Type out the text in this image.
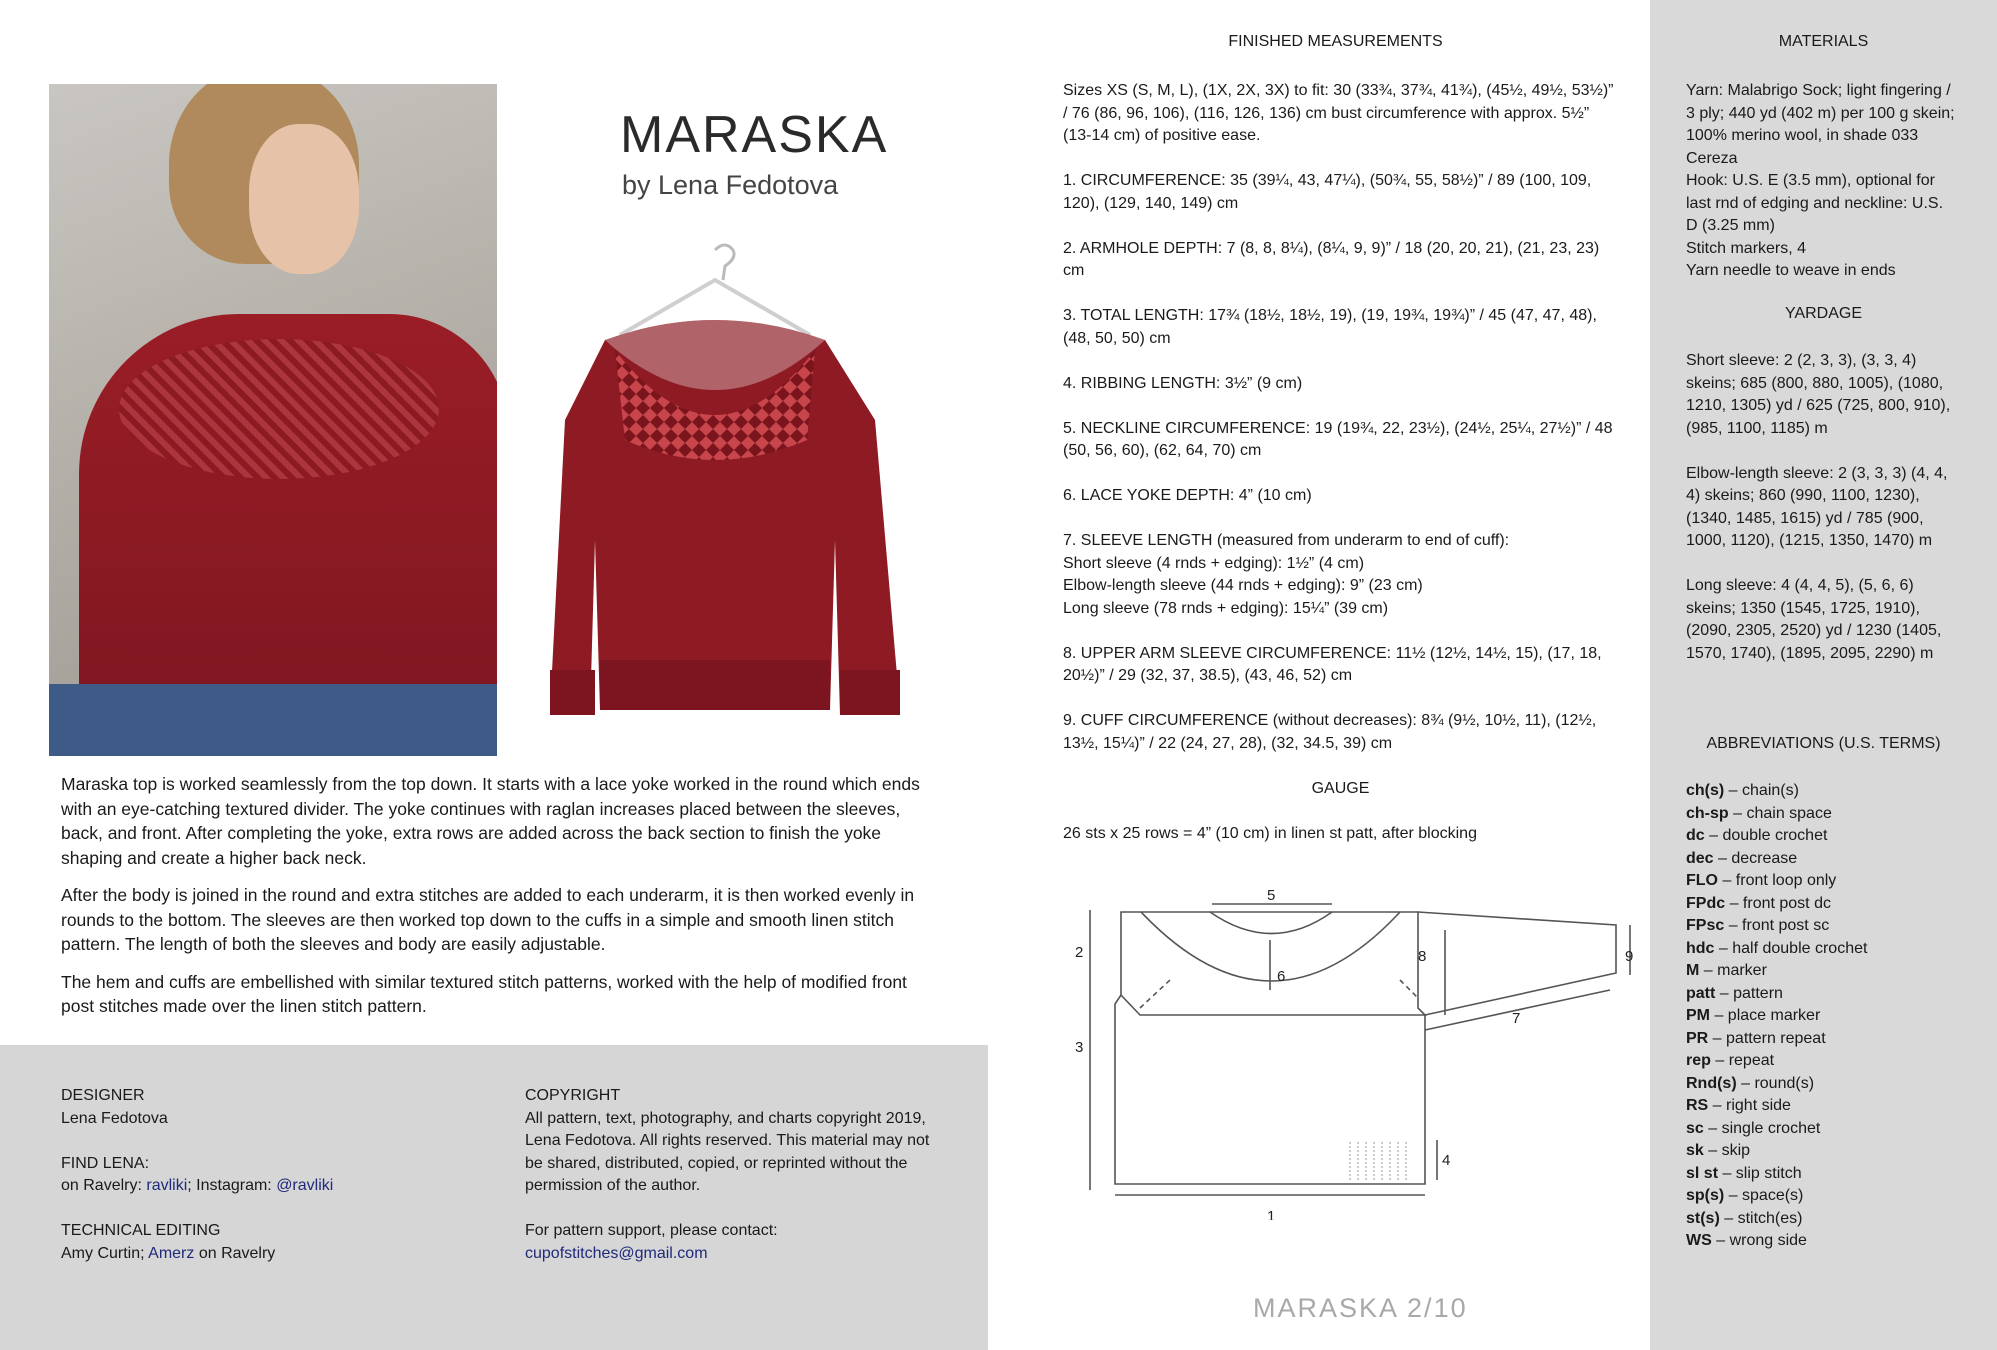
MARASKA
by Lena Fedotova

Maraska top is worked seamlessly from the top down. It starts with a lace yoke worked in the round which ends with an eye-catching textured divider. The yoke continues with raglan increases placed between the sleeves, back, and front. After completing the yoke, extra rows are added across the back section to finish the yoke shaping and create a higher back neck.

After the body is joined in the round and extra stitches are added to each underarm, it is then worked evenly in rounds to the bottom. The sleeves are then worked top down to the cuffs in a simple and smooth linen stitch pattern. The length of both the sleeves and body are easily adjustable.

The hem and cuffs are embellished with similar textured stitch patterns, worked with the help of modified front post stitches made over the linen stitch pattern.

DESIGNER
Lena Fedotova
FIND LENA:
on Ravelry: ravliki; Instagram: @ravliki
TECHNICAL EDITING
Amy Curtin; Amerz on Ravelry
COPYRIGHT
All pattern, text, photography, and charts copyright 2019, Lena Fedotova. All rights reserved. This material may not be shared, distributed, copied, or reprinted without the permission of the author.
For pattern support, please contact:
cupofstitches@gmail.com
FINISHED MEASUREMENTS

Sizes XS (S, M, L), (1X, 2X, 3X) to fit: 30 (33¾, 37¾, 41¾), (45½, 49½, 53½)” / 76 (86, 96, 106), (116, 126, 136) cm bust circumference with approx. 5½” (13-14 cm) of positive ease.

1. CIRCUMFERENCE: 35 (39¼, 43, 47¼), (50¾, 55, 58½)” / 89 (100, 109, 120), (129, 140, 149) cm

2. ARMHOLE DEPTH: 7 (8, 8, 8¼), (8¼, 9, 9)” / 18 (20, 20, 21), (21, 23, 23) cm

3. TOTAL LENGTH: 17¾ (18½, 18½, 19), (19, 19¾, 19¾)” / 45 (47, 47, 48), (48, 50, 50) cm

4. RIBBING LENGTH: 3½” (9 cm)

5. NECKLINE CIRCUMFERENCE: 19 (19¾, 22, 23½), (24½, 25¼, 27½)” / 48 (50, 56, 60), (62, 64, 70) cm

6. LACE YOKE DEPTH: 4” (10 cm)

7. SLEEVE LENGTH (measured from underarm to end of cuff):
Short sleeve (4 rnds + edging): 1½” (4 cm)
Elbow-length sleeve (44 rnds + edging): 9” (23 cm)
Long sleeve (78 rnds + edging): 15¼” (39 cm)

8. UPPER ARM SLEEVE CIRCUMFERENCE: 11½ (12½, 14½, 15), (17, 18, 20½)” / 29 (32, 37, 38.5), (43, 46, 52) cm

9. CUFF CIRCUMFERENCE (without decreases): 8¾ (9½, 10½, 11), (12½, 13½, 15¼)” / 22 (24, 27, 28), (32, 34.5, 39) cm

GAUGE

26 sts x 25 rows = 4” (10 cm) in linen st patt, after blocking

1
2
3
4
5
6
7
8	9
MARASKA 2/10
MATERIALS
Yarn: Malabrigo Sock; light fingering / 3 ply; 440 yd (402 m) per 100 g skein; 100% merino wool, in shade 033 Cereza
Hook: U.S. E (3.5 mm), optional for last rnd of edging and neckline: U.S. D (3.25 mm)
Stitch markers, 4
Yarn needle to weave in ends
YARDAGE

Short sleeve: 2 (2, 3, 3), (3, 3, 4) skeins; 685 (800, 880, 1005), (1080, 1210, 1305) yd / 625 (725, 800, 910), (985, 1100, 1185) m

Elbow-length sleeve: 2 (3, 3, 3) (4, 4, 4) skeins; 860 (990, 1100, 1230), (1340, 1485, 1615) yd / 785 (900, 1000, 1120), (1215, 1350, 1470) m

Long sleeve: 4 (4, 4, 5), (5, 6, 6) skeins; 1350 (1545, 1725, 1910), (2090, 2305, 2520) yd / 1230 (1405, 1570, 1740), (1895, 2095, 2290) m

ABBREVIATIONS (U.S. TERMS)
ch(s) – chain(s)
ch-sp – chain space
dc – double crochet
dec – decrease
FLO – front loop only
FPdc – front post dc
FPsc – front post sc
hdc – half double crochet
M – marker
patt – pattern
PM – place marker
PR – pattern repeat
rep – repeat
Rnd(s) – round(s)
RS – right side
sc – single crochet
sk – skip
sl st – slip stitch
sp(s) – space(s)
st(s) – stitch(es)
WS – wrong side
